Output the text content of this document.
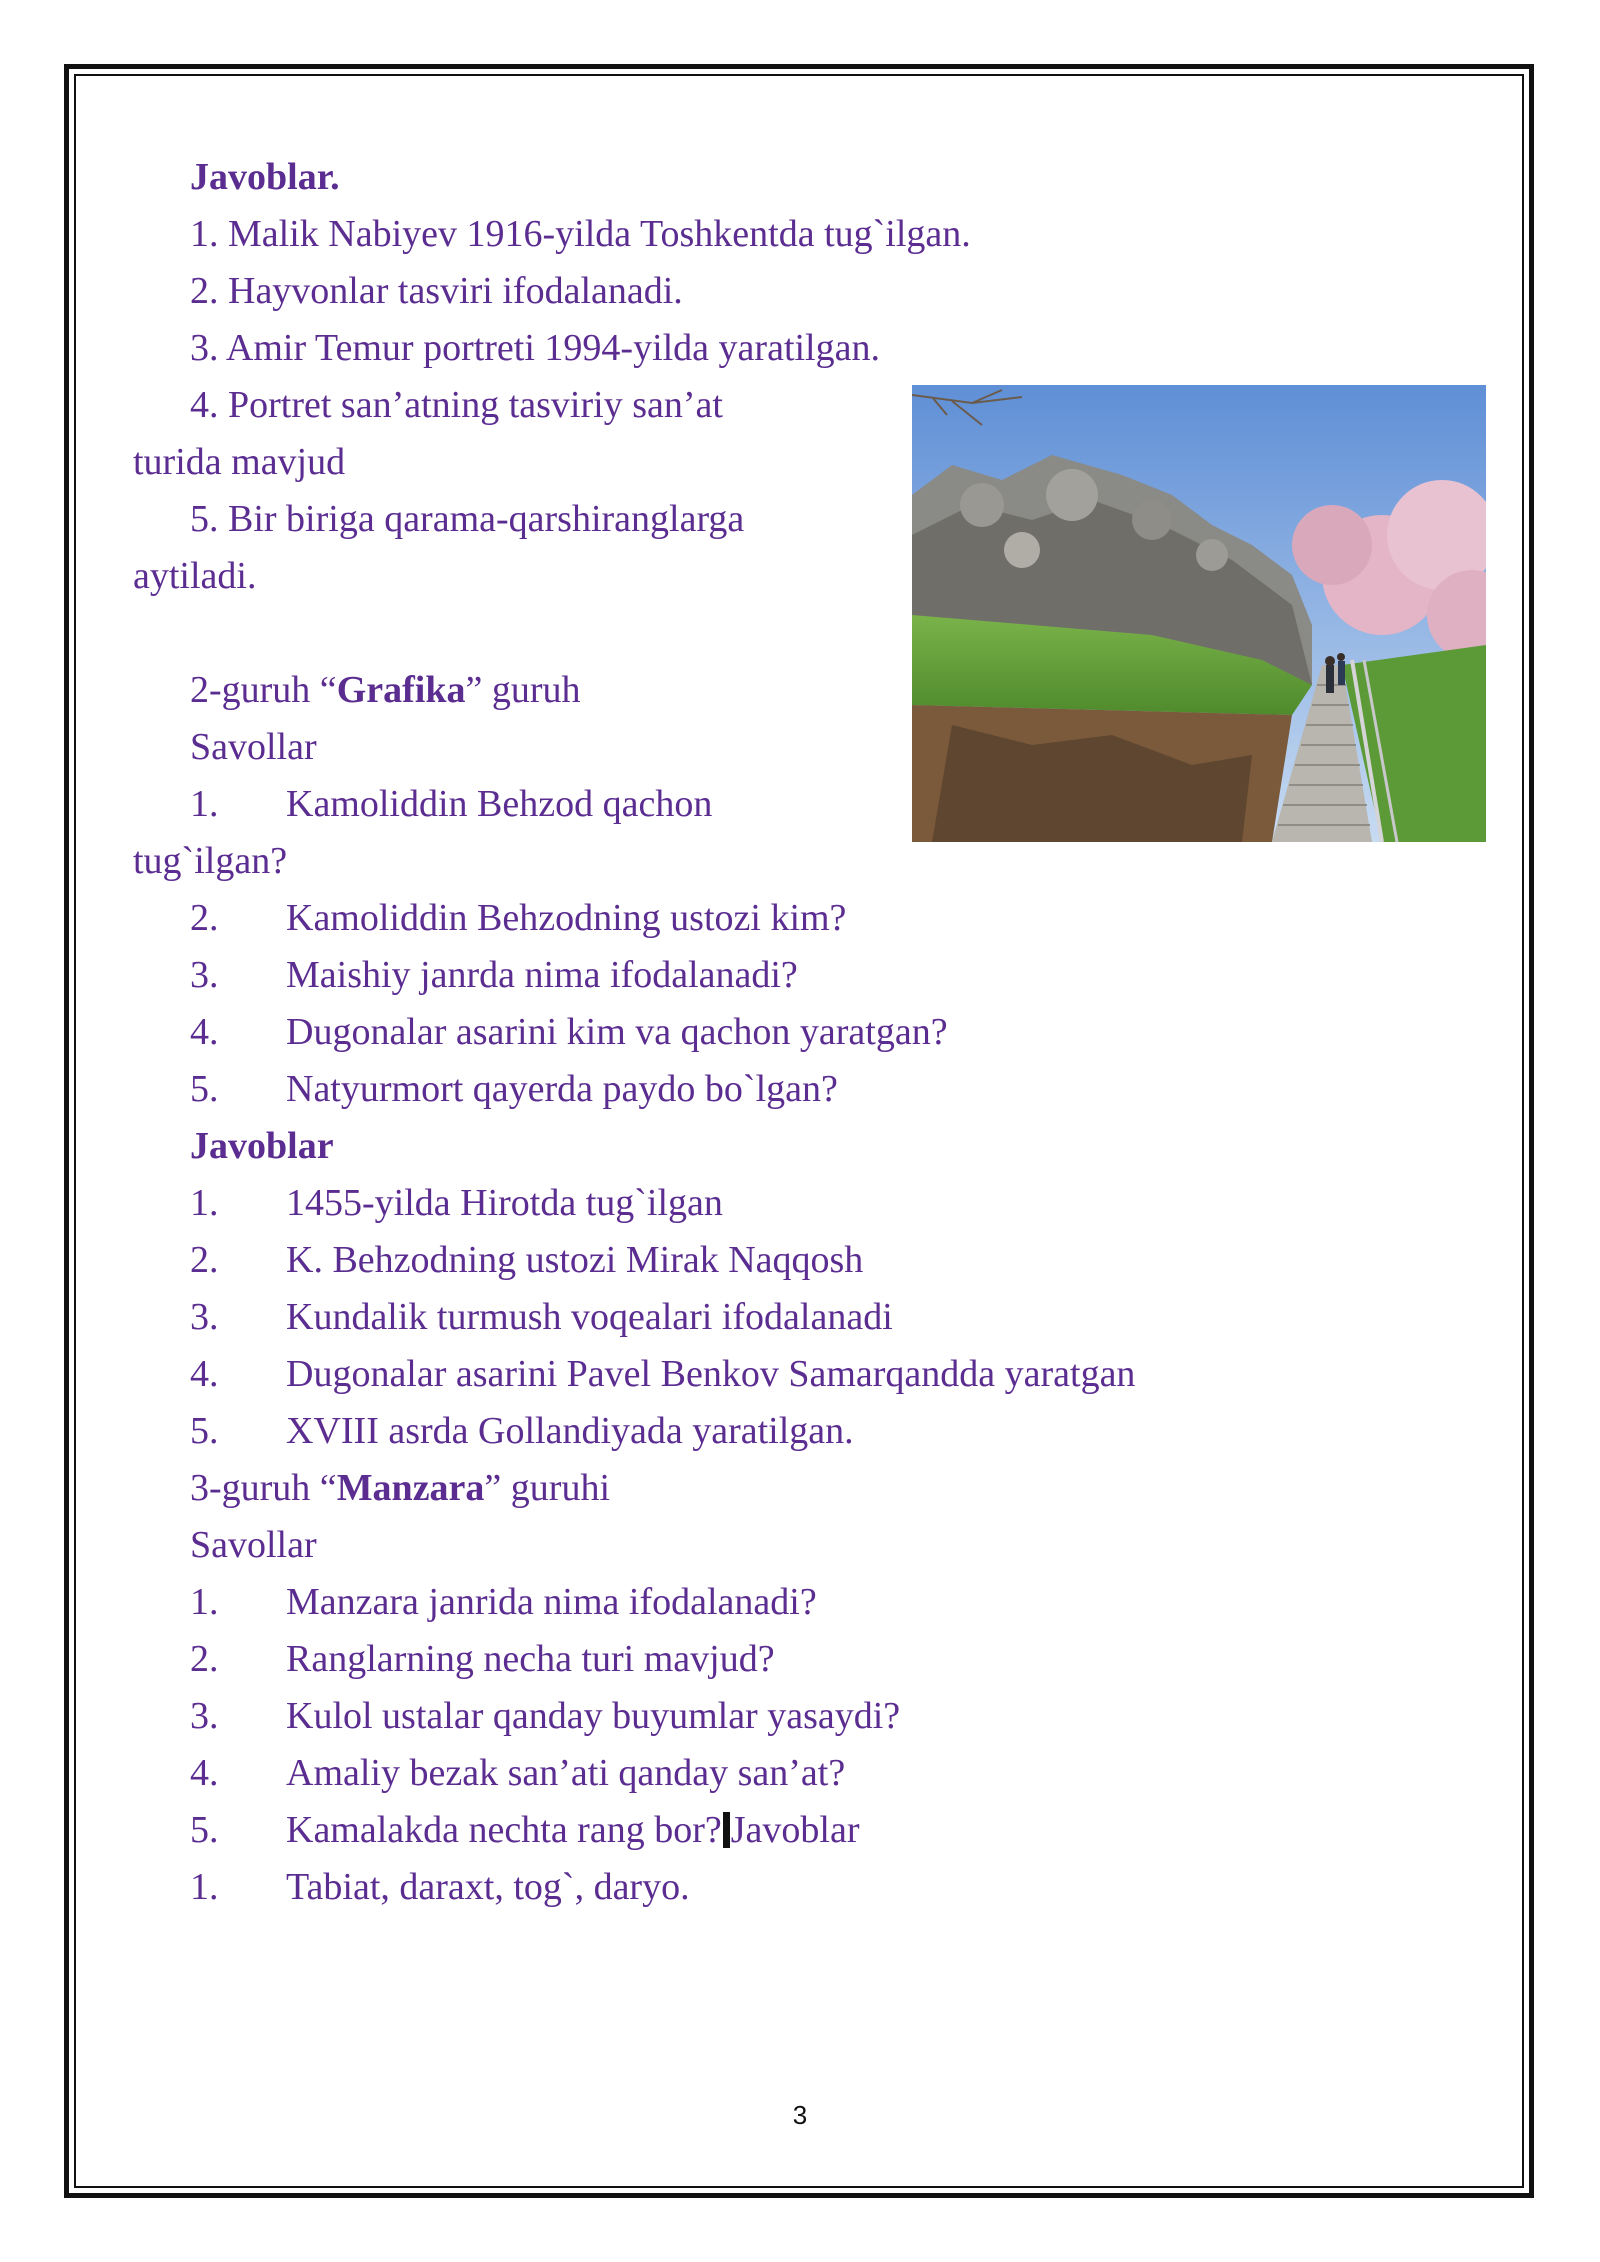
Javoblar.
1. Malik Nabiyev 1916-yilda Toshkentda tug`ilgan.
2. Hayvonlar tasviri ifodalanadi.
3. Amir Temur portreti 1994-yilda yaratilgan.
4. Portret san’atning tasviriy san’at
turida mavjud
5. Bir biriga qarama-qarshiranglarga
aytiladi.
2-guruh “Grafika” guruh
Savollar
1. Kamoliddin Behzod qachon
tug`ilgan?
2. Kamoliddin Behzodning ustozi kim?
3. Maishiy janrda nima ifodalanadi?
4. Dugonalar asarini kim va qachon yaratgan?
5. Natyurmort qayerda paydo bo`lgan?
Javoblar
1. 1455-yilda Hirotda tug`ilgan
2. K. Behzodning ustozi Mirak Naqqosh
3. Kundalik turmush voqealari ifodalanadi
4. Dugonalar asarini Pavel Benkov Samarqandda yaratgan
5. XVIII asrda Gollandiyada yaratilgan.
3-guruh “Manzara” guruhi
Savollar
1. Manzara janrida nima ifodalanadi?
2. Ranglarning necha turi mavjud?
3. Kulol ustalar qanday buyumlar yasaydi?
4. Amaliy bezak san’ati qanday san’at?
5. Kamalakda nechta rang bor? Javoblar
1. Tabiat, daraxt, tog`, daryo.
3
